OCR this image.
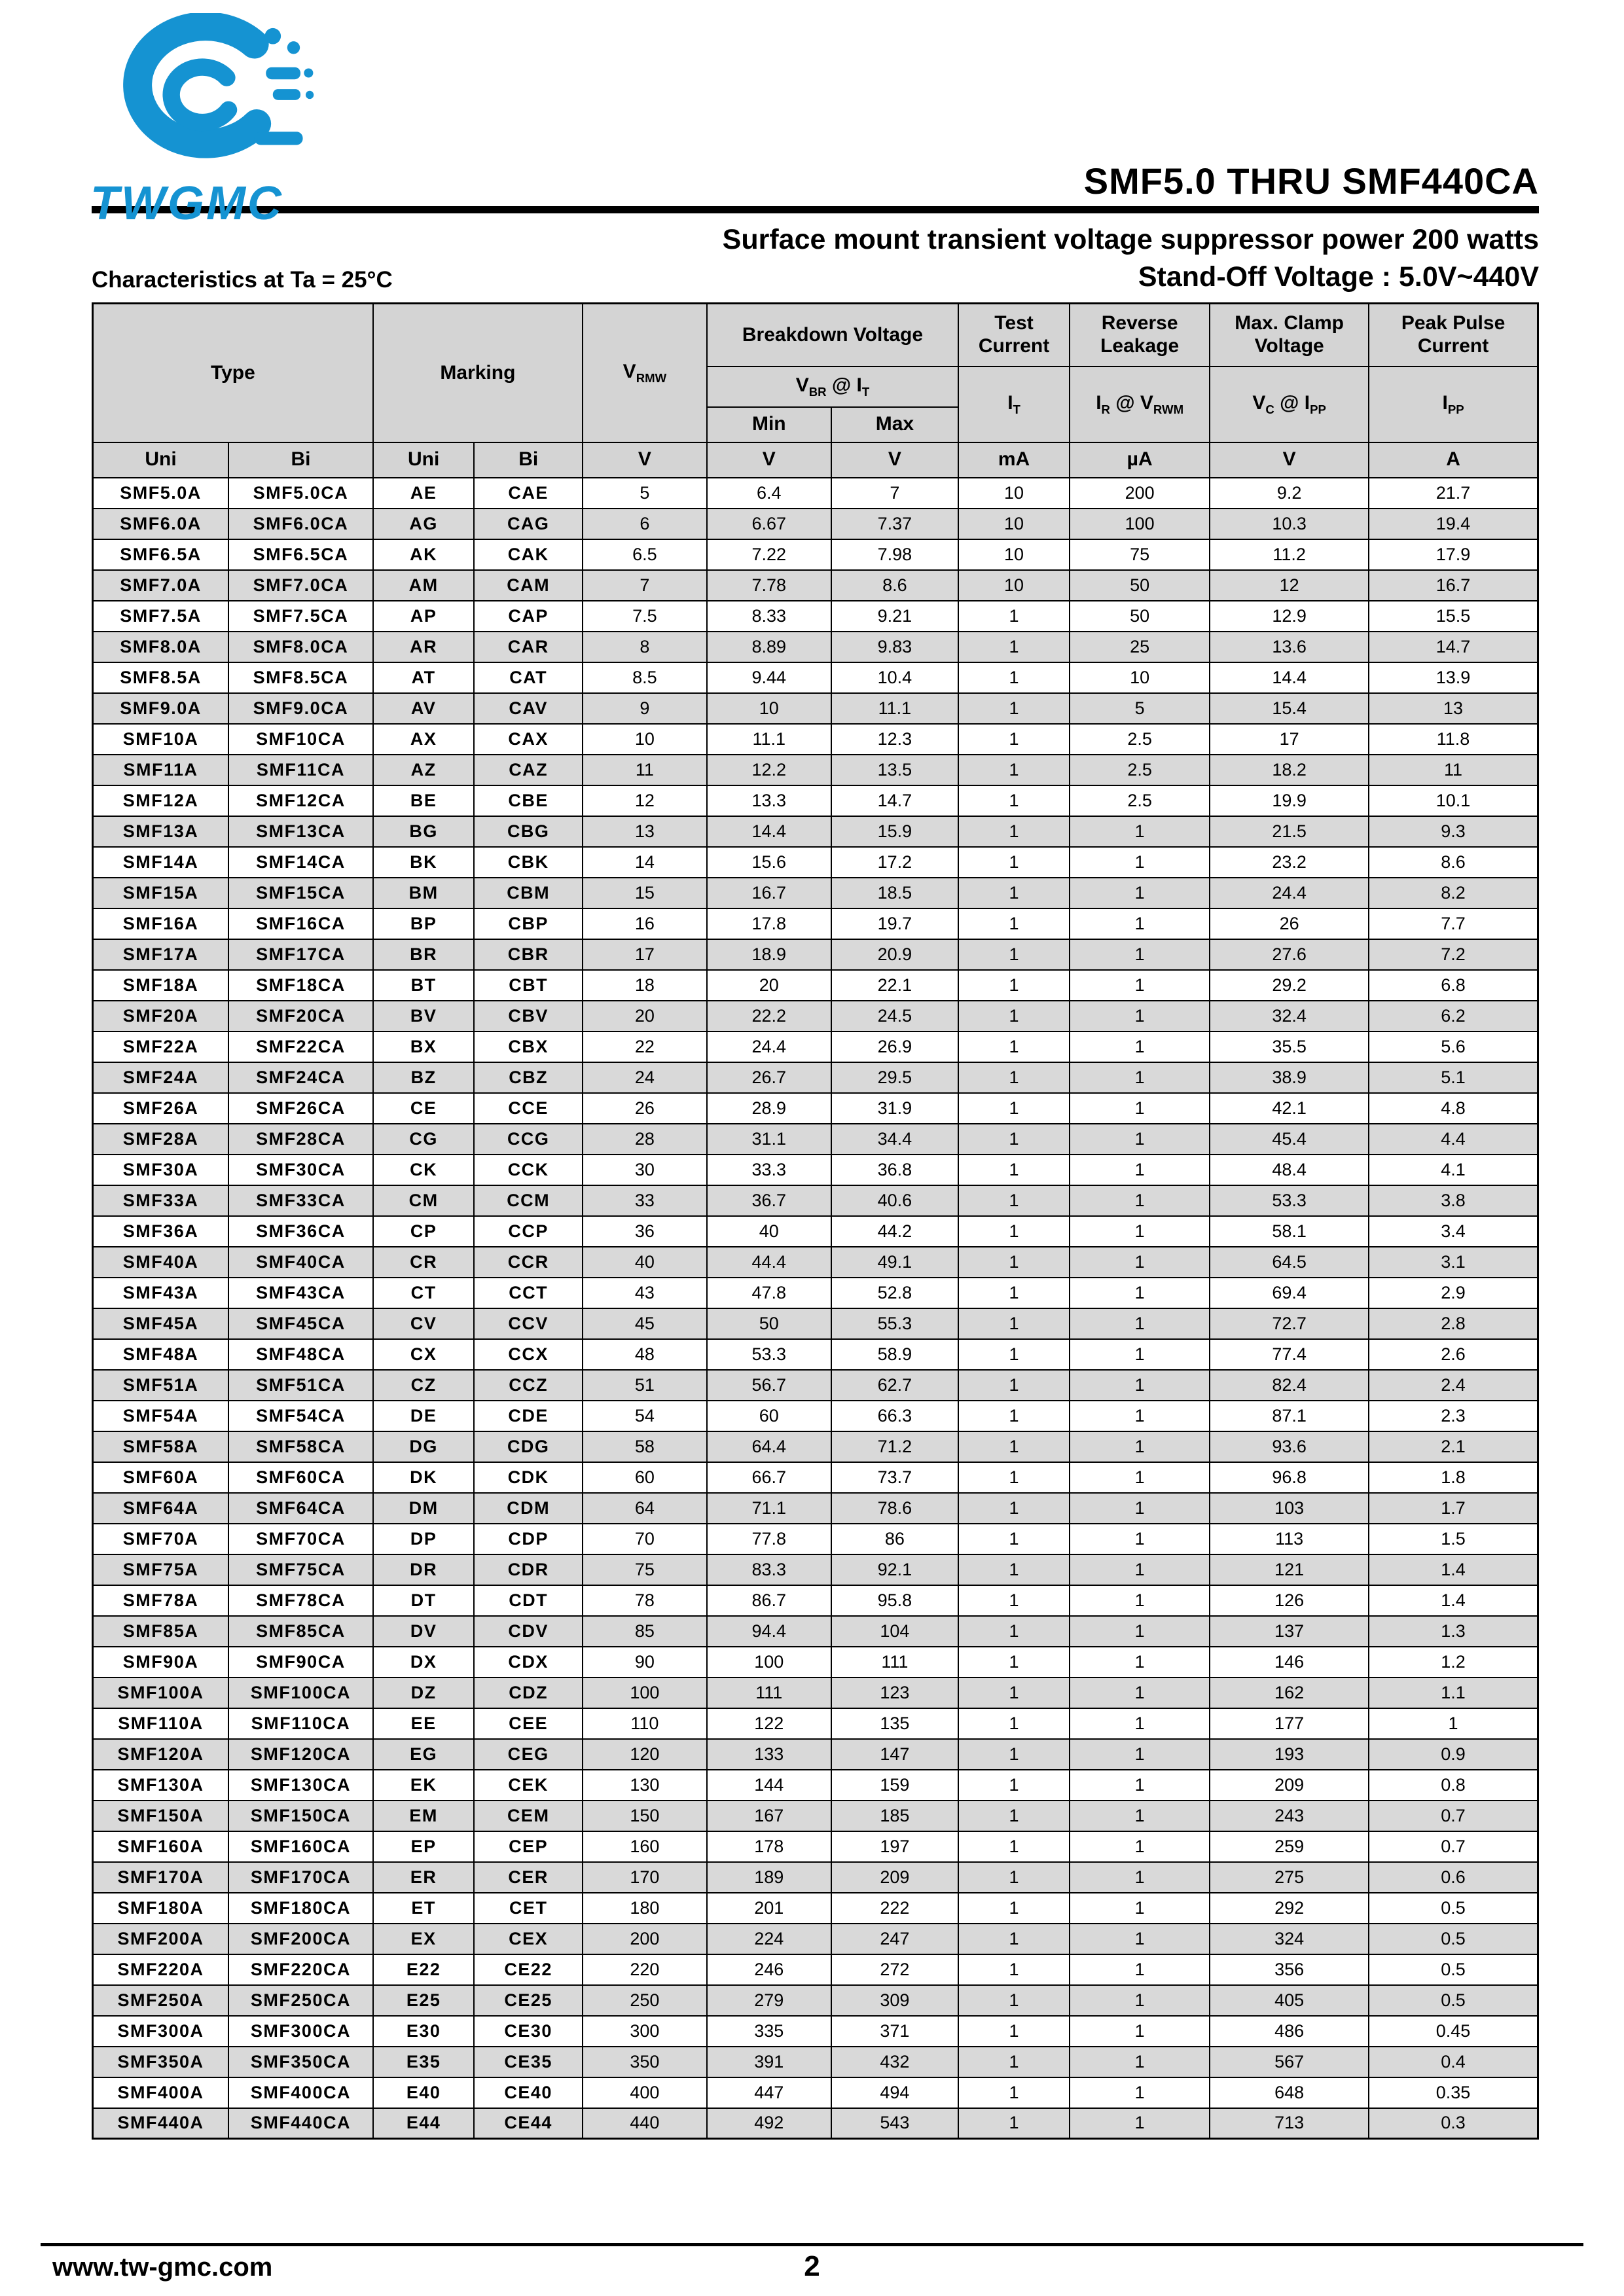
TWGMC	SMF5.0 THRU SMF440CA
Surface mount transient voltage suppressor power 200 watts
Characteristics at Ta = 25°C	Stand-Off Voltage : 5.0V~440V
Type		Marking		$V_{RMW}$	Breakdown Voltage		Test Current	Reverse Leakage	Max. Clamp Voltage	Peak Pulse Current
					$V_{BR}$ @ $I_T$		$I_T$	$I_R$ @ $V_{RWM}$	$V_C$ @ $I_{PP}$	$I_{PP}$
					Min	Max				
Uni	Bi	Uni	Bi	V	V	V	mA	µA	V	A
SMF5.0A	SMF5.0CA	AE	CAE	5	6.4	7	10	200	9.2	21.7
SMF6.0A	SMF6.0CA	AG	CAG	6	6.67	7.37	10	100	10.3	19.4
SMF6.5A	SMF6.5CA	AK	CAK	6.5	7.22	7.98	10	75	11.2	17.9
SMF7.0A	SMF7.0CA	AM	CAM	7	7.78	8.6	10	50	12	16.7
SMF7.5A	SMF7.5CA	AP	CAP	7.5	8.33	9.21	1	50	12.9	15.5
SMF8.0A	SMF8.0CA	AR	CAR	8	8.89	9.83	1	25	13.6	14.7
SMF8.5A	SMF8.5CA	AT	CAT	8.5	9.44	10.4	1	10	14.4	13.9
SMF9.0A	SMF9.0CA	AV	CAV	9	10	11.1	1	5	15.4	13
SMF10A	SMF10CA	AX	CAX	10	11.1	12.3	1	2.5	17	11.8
SMF11A	SMF11CA	AZ	CAZ	11	12.2	13.5	1	2.5	18.2	11
SMF12A	SMF12CA	BE	CBE	12	13.3	14.7	1	2.5	19.9	10.1
SMF13A	SMF13CA	BG	CBG	13	14.4	15.9	1	1	21.5	9.3
SMF14A	SMF14CA	BK	CBK	14	15.6	17.2	1	1	23.2	8.6
SMF15A	SMF15CA	BM	CBM	15	16.7	18.5	1	1	24.4	8.2
SMF16A	SMF16CA	BP	CBP	16	17.8	19.7	1	1	26	7.7
SMF17A	SMF17CA	BR	CBR	17	18.9	20.9	1	1	27.6	7.2
SMF18A	SMF18CA	BT	CBT	18	20	22.1	1	1	29.2	6.8
SMF20A	SMF20CA	BV	CBV	20	22.2	24.5	1	1	32.4	6.2
SMF22A	SMF22CA	BX	CBX	22	24.4	26.9	1	1	35.5	5.6
SMF24A	SMF24CA	BZ	CBZ	24	26.7	29.5	1	1	38.9	5.1
SMF26A	SMF26CA	CE	CCE	26	28.9	31.9	1	1	42.1	4.8
SMF28A	SMF28CA	CG	CCG	28	31.1	34.4	1	1	45.4	4.4
SMF30A	SMF30CA	CK	CCK	30	33.3	36.8	1	1	48.4	4.1
SMF33A	SMF33CA	CM	CCM	33	36.7	40.6	1	1	53.3	3.8
SMF36A	SMF36CA	CP	CCP	36	40	44.2	1	1	58.1	3.4
SMF40A	SMF40CA	CR	CCR	40	44.4	49.1	1	1	64.5	3.1
SMF43A	SMF43CA	CT	CCT	43	47.8	52.8	1	1	69.4	2.9
SMF45A	SMF45CA	CV	CCV	45	50	55.3	1	1	72.7	2.8
SMF48A	SMF48CA	CX	CCX	48	53.3	58.9	1	1	77.4	2.6
SMF51A	SMF51CA	CZ	CCZ	51	56.7	62.7	1	1	82.4	2.4
SMF54A	SMF54CA	DE	CDE	54	60	66.3	1	1	87.1	2.3
SMF58A	SMF58CA	DG	CDG	58	64.4	71.2	1	1	93.6	2.1
SMF60A	SMF60CA	DK	CDK	60	66.7	73.7	1	1	96.8	1.8
SMF64A	SMF64CA	DM	CDM	64	71.1	78.6	1	1	103	1.7
SMF70A	SMF70CA	DP	CDP	70	77.8	86	1	1	113	1.5
SMF75A	SMF75CA	DR	CDR	75	83.3	92.1	1	1	121	1.4
SMF78A	SMF78CA	DT	CDT	78	86.7	95.8	1	1	126	1.4
SMF85A	SMF85CA	DV	CDV	85	94.4	104	1	1	137	1.3
SMF90A	SMF90CA	DX	CDX	90	100	111	1	1	146	1.2
SMF100A	SMF100CA	DZ	CDZ	100	111	123	1	1	162	1.1
SMF110A	SMF110CA	EE	CEE	110	122	135	1	1	177	1
SMF120A	SMF120CA	EG	CEG	120	133	147	1	1	193	0.9
SMF130A	SMF130CA	EK	CEK	130	144	159	1	1	209	0.8
SMF150A	SMF150CA	EM	CEM	150	167	185	1	1	243	0.7
SMF160A	SMF160CA	EP	CEP	160	178	197	1	1	259	0.7
SMF170A	SMF170CA	ER	CER	170	189	209	1	1	275	0.6
SMF180A	SMF180CA	ET	CET	180	201	222	1	1	292	0.5
SMF200A	SMF200CA	EX	CEX	200	224	247	1	1	324	0.5
SMF220A	SMF220CA	E22	CE22	220	246	272	1	1	356	0.5
SMF250A	SMF250CA	E25	CE25	250	279	309	1	1	405	0.5
SMF300A	SMF300CA	E30	CE30	300	335	371	1	1	486	0.45
SMF350A	SMF350CA	E35	CE35	350	391	432	1	1	567	0.4
SMF400A	SMF400CA	E40	CE40	400	447	494	1	1	648	0.35
SMF440A	SMF440CA	E44	CE44	440	492	543	1	1	713	0.3
www.tw-gmc.com	2
